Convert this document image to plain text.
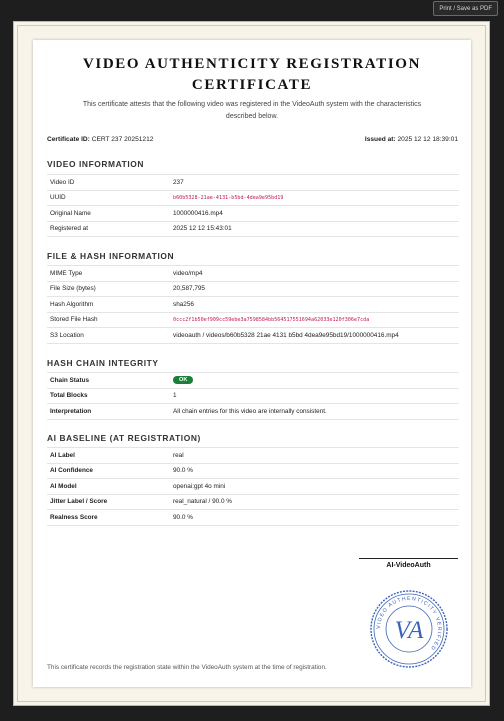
Print / Save as PDF
VIDEO AUTHENTICITY REGISTRATION
CERTIFICATE
This certificate attests that the following video was registered in the VideoAuth system with the characteristics described below.
Certificate ID: CERT 237 20251212	Issued at: 2025 12 12 18:39:01
VIDEO INFORMATION
Video ID	237
UUID	b60b5328-21ae-4131-b5bd-4dea9e95bd19
Original Name	1000000416.mp4
Registered at	2025 12 12 15:43:01
FILE & HASH INFORMATION
MIME Type	video/mp4
File Size (bytes)	20,587,795
Hash Algorithm	sha256
Stored File Hash	0ccc2f1b50ef909cc59ebe3a7598584bb564517551694a62033e120f306e7cda
S3 Location	videoauth / videos/b60b5328 21ae 4131 b5bd 4dea9e95bd19/1000000416.mp4
HASH CHAIN INTEGRITY
Chain Status	OK
Total Blocks	1
Interpretation	All chain entries for this video are internally consistent.
AI BASELINE (AT REGISTRATION)
AI Label	real
AI Confidence	90.0 %
AI Model	openai:gpt 4o mini
Jitter Label / Score	real_natural / 90.0 %
Realness Score	90.0 %
AI-VideoAuth
VIDEO AUTHENTICITY VERIFIED
VA
This certificate records the registration state within the VideoAuth system at the time of registration.
